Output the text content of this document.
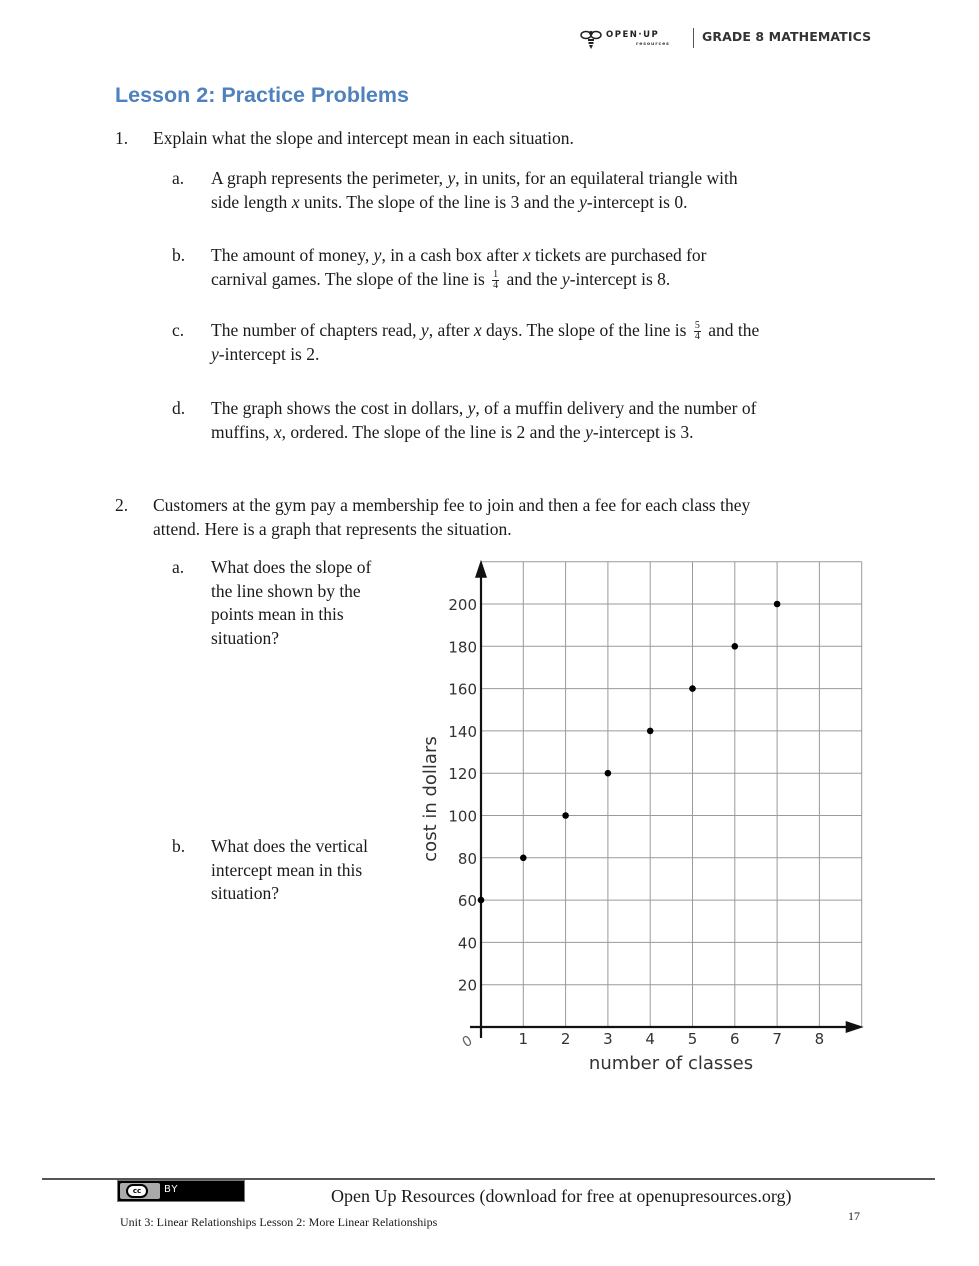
OPEN·UP
resources
GRADE 8 MATHEMATICS
Lesson 2: Practice Problems
1. Explain what the slope and intercept mean in each situation.
a. A graph represents the perimeter, y, in units, for an equilateral triangle with
side length x units. The slope of the line is 3 and the y-intercept is 0.
b. The amount of money, y, in a cash box after x tickets are purchased for
carnival games. The slope of the line is $\frac{1}{4}$ and the y-intercept is 8.
c. The number of chapters read, y, after x days. The slope of the line is $\frac{5}{4}$ and the
y-intercept is 2.
d. The graph shows the cost in dollars, y, of a muffin delivery and the number of
muffins, x, ordered. The slope of the line is 2 and the y-intercept is 3.
2. Customers at the gym pay a membership fee to join and then a fee for each class they
attend. Here is a graph that represents the situation.
a. What does the slope of
the line shown by the
points mean in this
situation?
b. What does the vertical
intercept mean in this
situation?
1 2 3 4 5 6 7 8
20
40
60
80
100
120
140
160
180
200
0
number of classes
cost in dollars
cc	BY	Open Up Resources (download for free at openupresources.org)
Unit 3: Linear Relationships Lesson 2: More Linear Relationships	17
